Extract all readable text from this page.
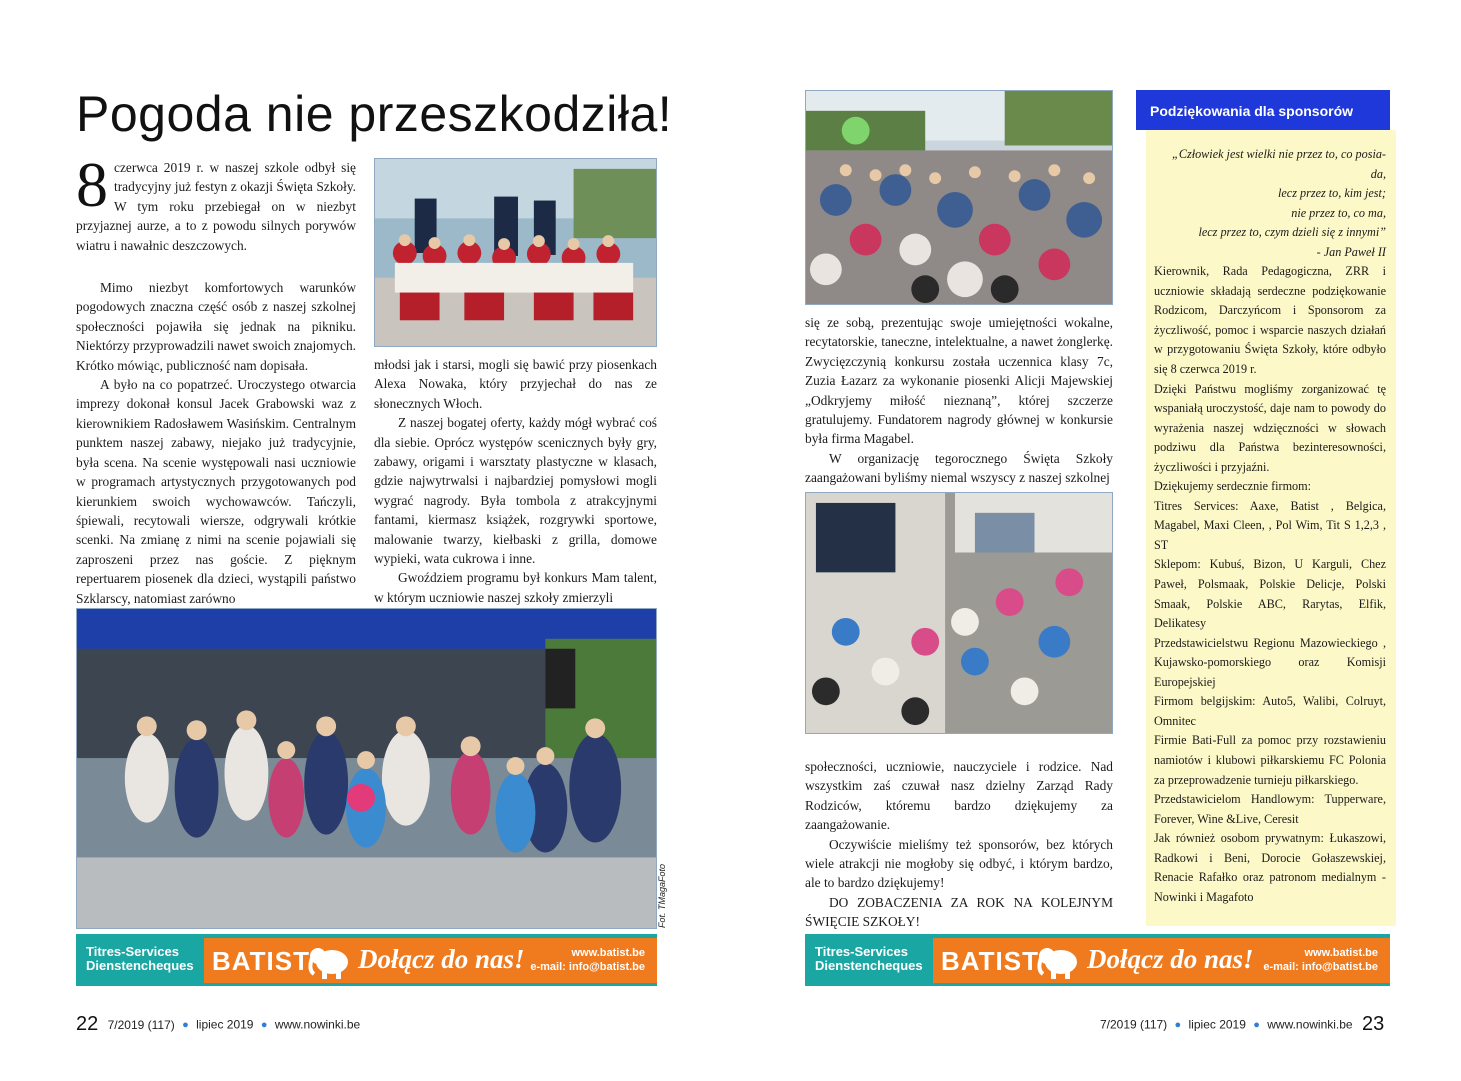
Pogoda nie przeszkodziła!

8 czerwca 2019 r. w naszej szkole odbył się tradycyjny już festyn z okazji Święta Szkoły. W tym roku przebiegał on w niezbyt przyjaznej aurze, a to z powodu silnych porywów wiatru i nawałnic deszczowych.

Mimo niezbyt komfortowych warunków pogodowych znaczna część osób z naszej szkolnej społeczności pojawiła się jednak na pikniku. Niektórzy przyprowadzili nawet swoich znajomych. Krótko mówiąc, publiczność nam dopisała.

A było na co popatrzeć. Uroczystego otwarcia imprezy dokonał konsul Jacek Grabowski waz z kierownikiem Radosławem Wasińskim. Centralnym punktem naszej zabawy, niejako już tradycyjnie, była scena. Na scenie występowali nasi uczniowie w programach artystycznych przygotowanych pod kierunkiem swoich wychowawców. Tańczyli, śpiewali, recytowali wiersze, odgrywali krótkie scenki. Na zmianę z nimi na scenie pojawiali się zaproszeni przez nas goście. Z pięknym repertuarem piosenek dla dzieci, wystąpili państwo Szklarscy, natomiast zarówno

młodsi jak i starsi, mogli się bawić przy piosenkach Alexa Nowaka, który przyjechał do nas ze słonecznych Włoch.

Z naszej bogatej oferty, każdy mógł wybrać coś dla siebie. Oprócz występów scenicznych były gry, zabawy, origami i warsztaty plastyczne w klasach, gdzie najwytrwalsi i najbardziej pomysłowi mogli wygrać nagrody. Była tombola z atrakcyjnymi fantami, kiermasz książek, rozgrywki sportowe, malowanie twarzy, kiełbaski z grilla, domowe wypieki, wata cukrowa i inne.

Gwoździem programu był konkurs Mam talent, w którym uczniowie naszej szkoły zmierzyli

Fot. TMagaFoto
Titres-Services
Dienstencheques BATIST Dołącz do nas!	www.batist.be
e-mail: info@batist.be
22 7/2019 (117) ● lipiec 2019 ● www.nowinki.be

się ze sobą, prezentując swoje umiejętności wokalne, recytatorskie, taneczne, intelektualne, a nawet żonglerkę. Zwycięzczynią konkursu została uczennica klasy 7c, Zuzia Łazarz za wykonanie piosenki Alicji Majewskiej „Odkryjemy miłość nieznaną”, której szczerze gratulujemy. Fundatorem nagrody głównej w konkursie była firma Magabel.

W organizację tegorocznego Święta Szkoły zaangażowani byliśmy niemal wszyscy z naszej szkolnej

społeczności, uczniowie, nauczyciele i rodzice. Nad wszystkim zaś czuwał nasz dzielny Zarząd Rady Rodziców, któremu bardzo dziękujemy za zaangażowanie.

Oczywiście mieliśmy też sponsorów, bez których wiele atrakcji nie mogłoby się odbyć, i którym bardzo, ale to bardzo dziękujemy!

DO ZOBACZENIA ZA ROK NA KOLEJNYM ŚWIĘCIE SZKOŁY!

Titres-Services
Dienstencheques BATIST Dołącz do nas!	www.batist.be
e-mail: info@batist.be
Podziękowania dla sponsorów
„Człowiek jest wielki nie przez to, co posia-
da,
lecz przez to, kim jest;
nie przez to, co ma,
lecz przez to, czym dzieli się z innymi”
- Jan Paweł II

Kierownik, Rada Pedagogiczna, ZRR i uczniowie składają serdeczne podziękowanie Rodzicom, Darczyńcom i Sponsorom za życzliwość, pomoc i wsparcie naszych działań w przygotowaniu Święta Szkoły, które odbyło się 8 czerwca 2019 r.

Dzięki Państwu mogliśmy zorganizować tę wspaniałą uroczystość, daje nam to powody do wyrażenia naszej wdzięczności w słowach podziwu dla Państwa bezinteresowności, życzliwości i przyjaźni.

Dziękujemy serdecznie firmom:

Titres Services: Aaxe, Batist , Belgica, Magabel, Maxi Cleen, , Pol Wim, Tit S 1,2,3 , ST

Sklepom: Kubuś, Bizon, U Karguli, Chez Paweł, Polsmaak, Polskie Delicje, Polski Smaak, Polskie ABC, Rarytas, Elfik, Delikatesy

Przedstawicielstwu Regionu Mazowieckiego , Kujawsko-pomorskiego oraz Komisji Europejskiej

Firmom belgijskim: Auto5, Walibi, Colruyt, Omnitec

Firmie Bati-Full za pomoc przy rozstawieniu namiotów i klubowi piłkarskiemu FC Polonia za przeprowadzenie turnieju piłkarskiego.

Przedstawicielom Handlowym: Tupperware, Forever, Wine &Live, Ceresit

Jak również osobom prywatnym: Łukaszowi, Radkowi i Beni, Dorocie Gołaszewskiej, Renacie Rafałko oraz patronom medialnym - Nowinki i Magafoto

7/2019 (117) ● lipiec 2019 ● www.nowinki.be 23
